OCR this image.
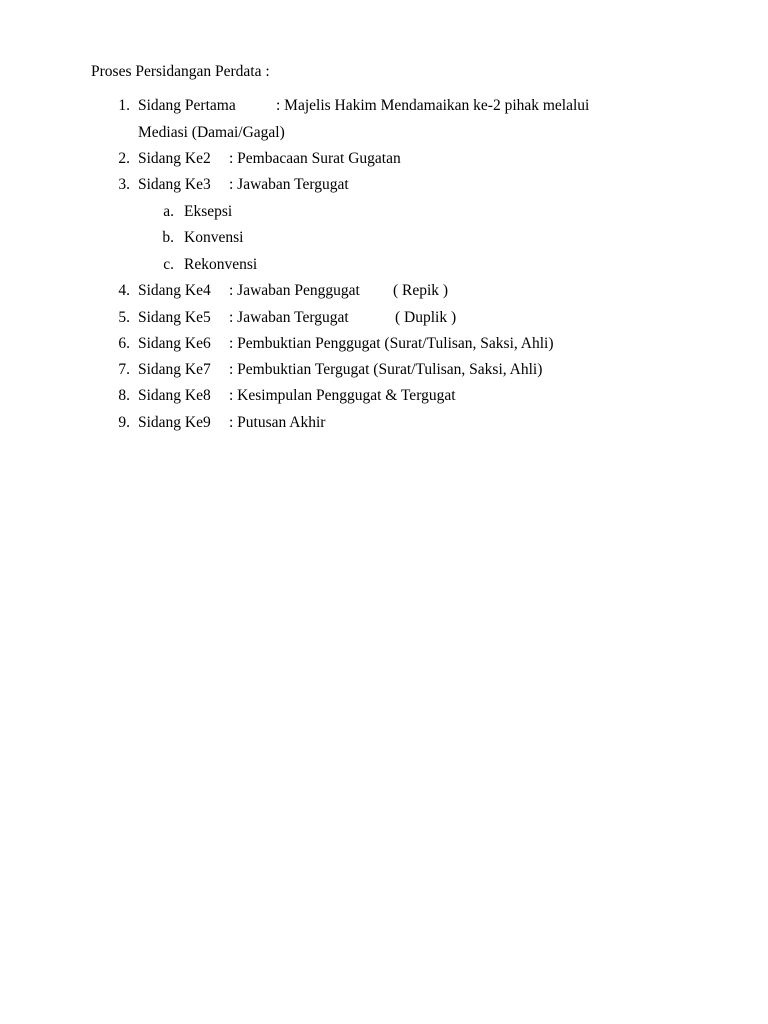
Proses Persidangan Perdata :
1. Sidang Pertama	: Majelis Hakim Mendamaikan ke-2 pihak melalui
Mediasi (Damai/Gagal)
2. Sidang Ke2 : Pembacaan Surat Gugatan
3. Sidang Ke3 : Jawaban Tergugat
a. Eksepsi
b. Konvensi
c. Rekonvensi
4. Sidang Ke4 : Jawaban Penggugat ( Repik )
5. Sidang Ke5 : Jawaban Tergugat	( Duplik )
6. Sidang Ke6 : Pembuktian Penggugat (Surat/Tulisan, Saksi, Ahli)
7. Sidang Ke7 : Pembuktian Tergugat (Surat/Tulisan, Saksi, Ahli)
8. Sidang Ke8 : Kesimpulan Penggugat & Tergugat
9. Sidang Ke9 : Putusan Akhir
